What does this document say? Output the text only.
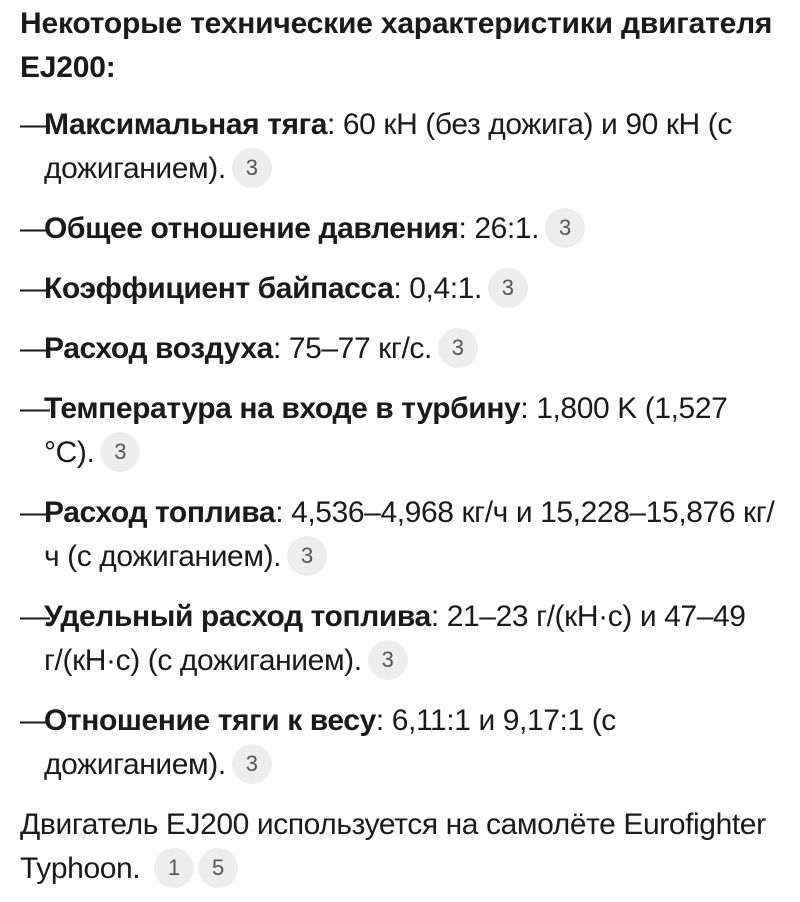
Некоторые технические характеристики двигателя EJ200:
—
Максимальная тяга: 60 кН (без дожига) и 90 кН (с дожиганием). 3
—
Общее отношение давления: 26:1. 3
—
Коэффициент байпасса: 0,4:1. 3
—
Расход воздуха: 75–77 кг/с. 3
—
Температура на входе в турбину: 1,800 K (1,527 °C). 3
—
Расход топлива: 4,536–4,968 кг/ч и 15,228–15,876 кг/ч (с дожиганием). 3
—
Удельный расход топлива: 21–23 г/(кН·с) и 47–49 г/(кН·с) (с дожиганием). 3
—
Отношение тяги к весу: 6,11:1 и 9,17:1 (с дожиганием). 3

Двигатель EJ200 используется на самолёте Eurofighter Typhoon. 1 5
